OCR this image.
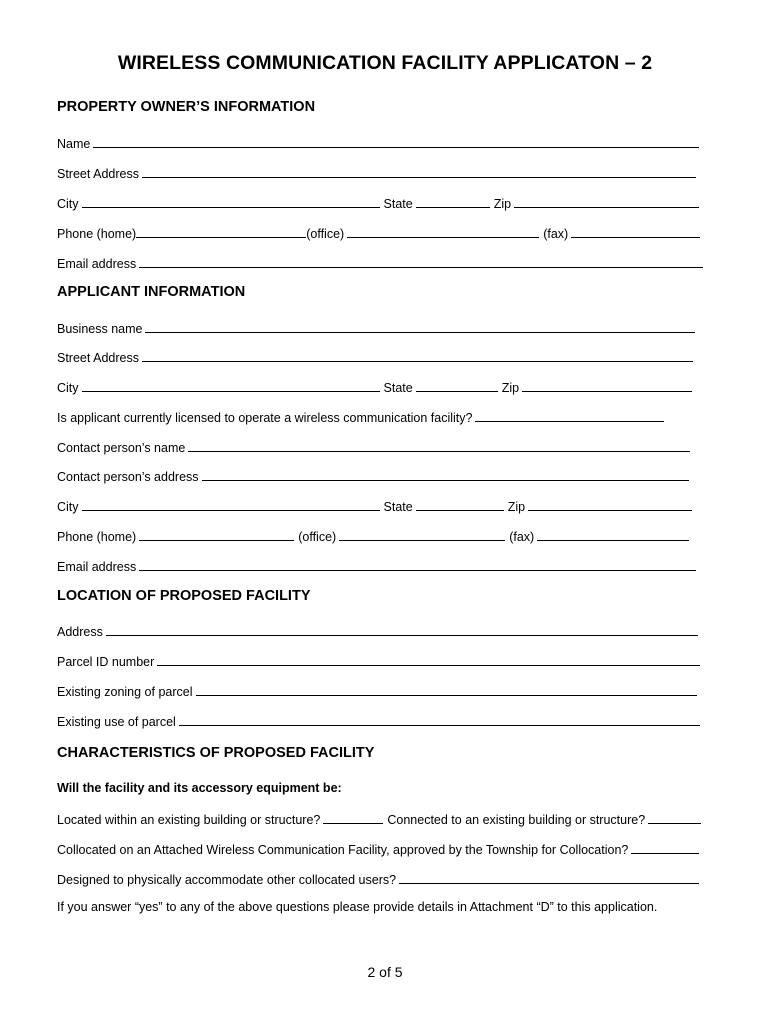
WIRELESS COMMUNICATION FACILITY APPLICATON – 2
PROPERTY OWNER’S INFORMATION
Name
Street Address
City	State	Zip
Phone (home)	(office)	(fax)
Email address
APPLICANT INFORMATION
Business name
Street Address
City	State	Zip
Is applicant currently licensed to operate a wireless communication facility?
Contact person’s name
Contact person’s address
City	State	Zip
Phone (home)	(office)	(fax)
Email address
LOCATION OF PROPOSED FACILITY
Address
Parcel ID number
Existing zoning of parcel
Existing use of parcel
CHARACTERISTICS OF PROPOSED FACILITY
Will the facility and its accessory equipment be:
Located within an existing building or structure?	Connected to an existing building or structure?
Collocated on an Attached Wireless Communication Facility, approved by the Township for Collocation?
Designed to physically accommodate other collocated users?
If you answer “yes” to any of the above questions please provide details in Attachment “D” to this application.
2 of 5
